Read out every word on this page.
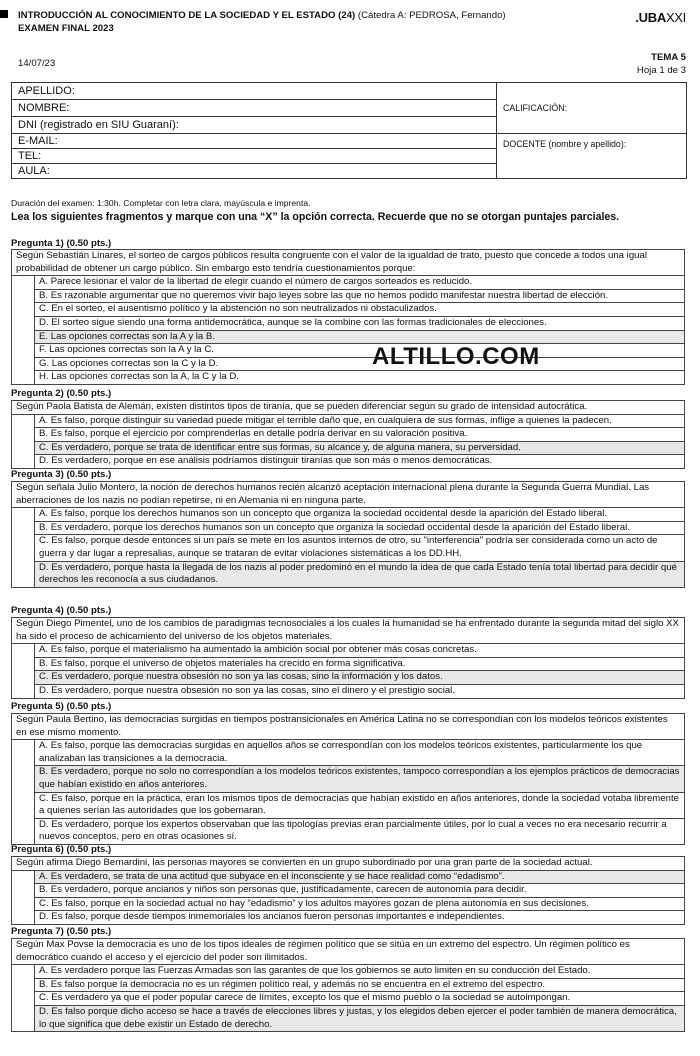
INTRODUCCIÓN AL CONOCIMIENTO DE LA SOCIEDAD Y EL ESTADO (24) (Cátedra A: PEDROSA, Fernando)
EXAMEN FINAL 2023
14/07/23
.UBAXXI
TEMA 5
Hoja 1 de 3
APELLIDO:	CALIFICACIÓN:
NOMBRE:	
DNI (registrado en SIU Guaraní):	
E-MAIL:	DOCENTE (nombre y apellido):
TEL:	
AULA:	
Duración del examen: 1:30h. Completar con letra clara, mayúscula e imprenta.
Lea los siguientes fragmentos y marque con una “X” la opción correcta. Recuerde que no se otorgan puntajes parciales.
Pregunta 1) (0.50 pts.)
Según Sebastián Linares, el sorteo de cargos públicos resulta congruente con el valor de la igualdad de trato, puesto que concede a todos una igual probabilidad de obtener un cargo público. Sin embargo esto tendría cuestionamientos porque:
A. Parece lesionar el valor de la libertad de elegir cuando el número de cargos sorteados es reducido.
B. Es razonable argumentar que no queremos vivir bajo leyes sobre las que no hemos podido manifestar nuestra libertad de elección.
C. En el sorteo, el ausentismo político y la abstención no son neutralizados ni obstaculizados.
D. El sorteo sigue siendo una forma antidemocrática, aunque se la combine con las formas tradicionales de elecciones.
E. Las opciones correctas son la A y la B.
F. Las opciones correctas son la A y la C.
G. Las opciones correctas son la C y la D.
H. Las opciones correctas son la A, la C y la D.
Pregunta 2) (0.50 pts.)
Según Paola Batista de Alemán, existen distintos tipos de tiranía, que se pueden diferenciar según su grado de intensidad autocrática.
A. Es falso, porque distinguir su variedad puede mitigar el terrible daño que, en cualquiera de sus formas, inflige a quienes la padecen.
B. Es falso, porque el ejercicio por comprenderlas en detalle podría derivar en su valoración positiva.
C. Es verdadero, porque se trata de identificar entre sus formas, su alcance y, de alguna manera, su perversidad.
D. Es verdadero, porque en ese análisis podríamos distinguir tiranías que son más o menos democráticas.
Pregunta 3) (0.50 pts.)
Según señala Julio Montero, la noción de derechos humanos recién alcanzó aceptación internacional plena durante la Segunda Guerra Mundial. Las aberraciones de los nazis no podían repetirse, ni en Alemania ni en ninguna parte.
A. Es falso, porque los derechos humanos son un concepto que organiza la sociedad occidental desde la aparición del Estado liberal.
B. Es verdadero, porque los derechos humanos son un concepto que organiza la sociedad occidental desde la aparición del Estado liberal.
C. Es falso, porque desde entonces si un país se mete en los asuntos internos de otro, su "interferencia" podría ser considerada como un acto de guerra y dar lugar a represalias, aunque se trataran de evitar violaciones sistemáticas a los DD.HH.
D. Es verdadero, porque hasta la llegada de los nazis al poder predominó en el mundo la idea de que cada Estado tenía total libertad para decidir qué derechos les reconocía a sus ciudadanos.
Pregunta 4) (0.50 pts.)
Según Diego Pimentel, uno de los cambios de paradigmas tecnosociales a los cuales la humanidad se ha enfrentado durante la segunda mitad del siglo XX ha sido el proceso de achicamiento del universo de los objetos materiales.
A. Es falso, porque el materialismo ha aumentado la ambición social por obtener más cosas concretas.
B. Es falso, porque el universo de objetos materiales ha crecido en forma significativa.
C. Es verdadero, porque nuestra obsesión no son ya las cosas, sino la información y los datos.
D. Es verdadero, porque nuestra obsesión no son ya las cosas, sino el dinero y el prestigio social.
Pregunta 5) (0.50 pts.)
Según Paula Bertino, las democracias surgidas en tiempos postransicionales en América Latina no se correspondían con los modelos teóricos existentes en ese mismo momento.
A. Es falso, porque las democracias surgidas en aquellos años se correspondían con los modelos teóricos existentes, particularmente los que analizaban las transiciones a la democracia.
B. Es verdadero, porque no solo no correspondían a los modelos teóricos existentes, tampoco correspondían a los ejemplos prácticos de democracias que habían existido en años anteriores.
C. Es falso, porque en la práctica, eran los mismos tipos de democracias que habían existido en años anteriores, donde la sociedad votaba libremente a quienes serían las autoridades que los gobernaran.
D. Es verdadero, porque los expertos observaban que las tipologías previas eran parcialmente útiles, por lo cual a veces no era necesario recurrir a nuevos conceptos, pero en otras ocasiones sí.
Pregunta 6) (0.50 pts.)
Según afirma Diego Bernardini, las personas mayores se convierten en un grupo subordinado por una gran parte de la sociedad actual.
A. Es verdadero, se trata de una actitud que subyace en el inconsciente y se hace realidad como “edadismo”.
B. Es verdadero, porque ancianos y niños son personas que, justificadamente, carecen de autonomía para decidir.
C. Es falso, porque en la sociedad actual no hay “edadismo” y los adultos mayores gozan de plena autonomía en sus decisiones.
D. Es falso, porque desde tiempos inmemoriales los ancianos fueron personas importantes e independientes.
Pregunta 7) (0.50 pts.)
Según Max Povse la democracia es uno de los tipos ideales de régimen político que se sitúa en un extremo del espectro. Un régimen político es democrático cuando el acceso y el ejercicio del poder son ilimitados.
A. Es verdadero porque las Fuerzas Armadas son las garantes de que los gobiernos se auto limiten en su conducción del Estado.
B. Es falso porque la democracia no es un régimen político real, y además no se encuentra en el extremo del espectro.
C. Es verdadero ya que el poder popular carece de límites, excepto los que el mismo pueblo o la sociedad se autoimpongan.
D. Es falso porque dicho acceso se hace a través de elecciones libres y justas, y los elegidos deben ejercer el poder también de manera democrática, lo que significa que debe existir un Estado de derecho.
ALTILLO.COM
